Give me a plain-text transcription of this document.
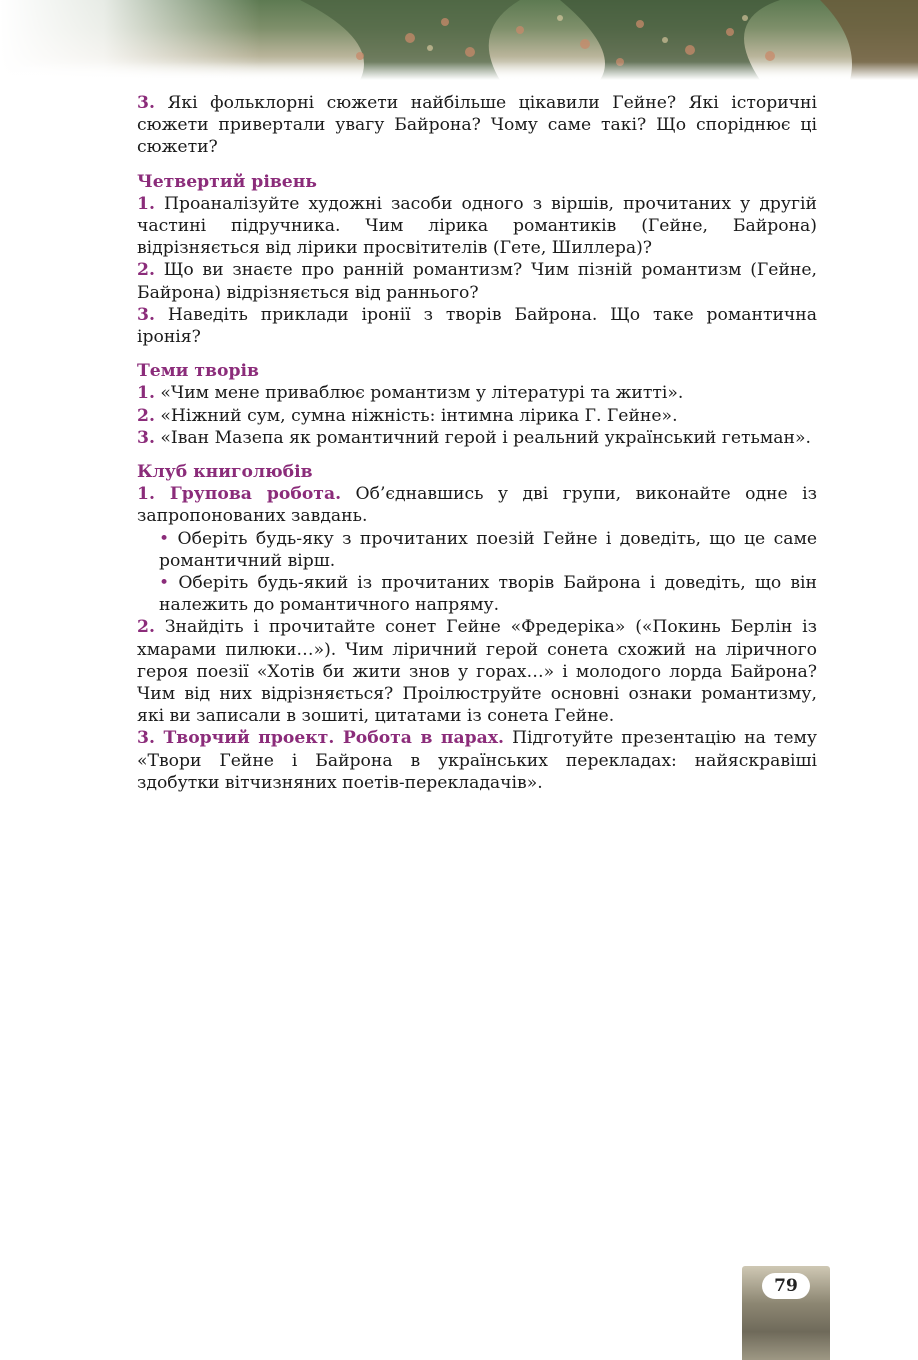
3. Які фольклорні сюжети найбільше цікавили Гейне? Які історичні сюжети привертали увагу Байрона? Чому саме такі? Що споріднює ці сюжети?

Четвертий рівень

1. Проаналізуйте художні засоби одного з віршів, прочитаних у другій частині підручника. Чим лірика романтиків (Гейне, Байрона) відрізняється від лірики просвітителів (Гете, Шиллера)?

2. Що ви знаєте про ранній романтизм? Чим пізній романтизм (Гейне, Байрона) відрізняється від раннього?

3. Наведіть приклади іронії з творів Байрона. Що таке романтична іронія?

Теми творів

1. «Чим мене приваблює романтизм у літературі та житті».

2. «Ніжний сум, сумна ніжність: інтимна лірика Г. Гейне».

3. «Іван Мазепа як романтичний герой і реальний український гетьман».

Клуб книголюбів

1. Групова робота. Об’єднавшись у дві групи, виконайте одне із запропонованих завдань.

• Оберіть будь-яку з прочитаних поезій Гейне і доведіть, що це саме романтичний вірш.

• Оберіть будь-який із прочитаних творів Байрона і доведіть, що він належить до романтичного напряму.

2. Знайдіть і прочитайте сонет Гейне «Фредеріка» («Покинь Берлін із хмарами пилюки…»). Чим ліричний герой сонета схожий на ліричного героя поезії «Хотів би жити знов у горах…» і молодого лорда Байрона? Чим від них відрізняється? Проілюструйте основні ознаки романтизму, які ви записали в зошиті, цитатами із сонета Гейне.

3. Творчий проект. Робота в парах. Підготуйте презентацію на тему «Твори Гейне і Байрона в українських перекладах: найяскравіші здобутки вітчизняних поетів-перекладачів».

79
